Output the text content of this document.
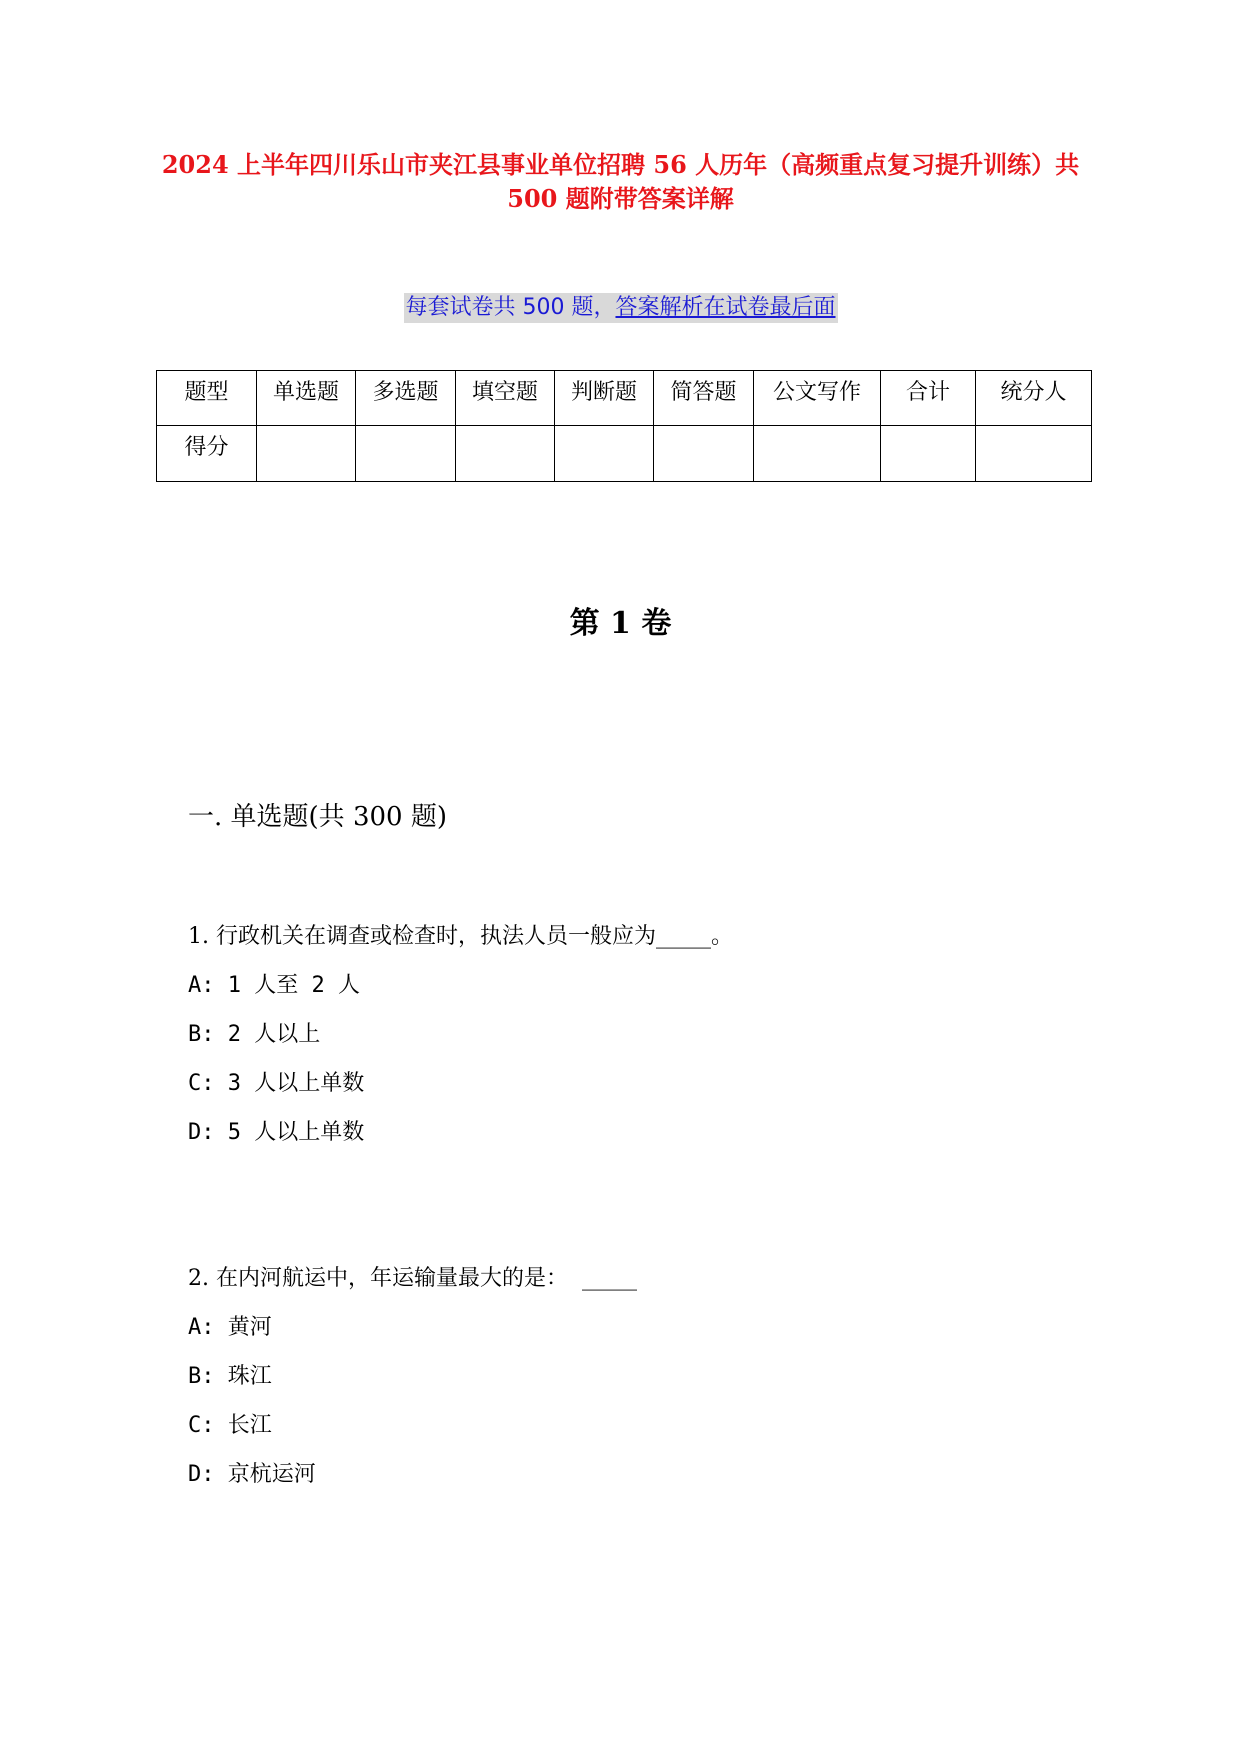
2024 上半年四川乐山市夹江县事业单位招聘 56 人历年（高频重点复习提升训练）共 500 题附带答案详解
每套试卷共 500 题，答案解析在试卷最后面
题型	单选题	多选题	填空题	判断题	简答题	公文写作	合计	统分人
得分								
第 1 卷
一. 单选题(共 300 题)
1. 行政机关在调查或检查时，执法人员一般应为_____。
A: 1 人至 2 人
B: 2 人以上
C: 3 人以上单数
D: 5 人以上单数
2. 在内河航运中，年运输量最大的是：  _____
A: 黄河
B: 珠江
C: 长江
D: 京杭运河
